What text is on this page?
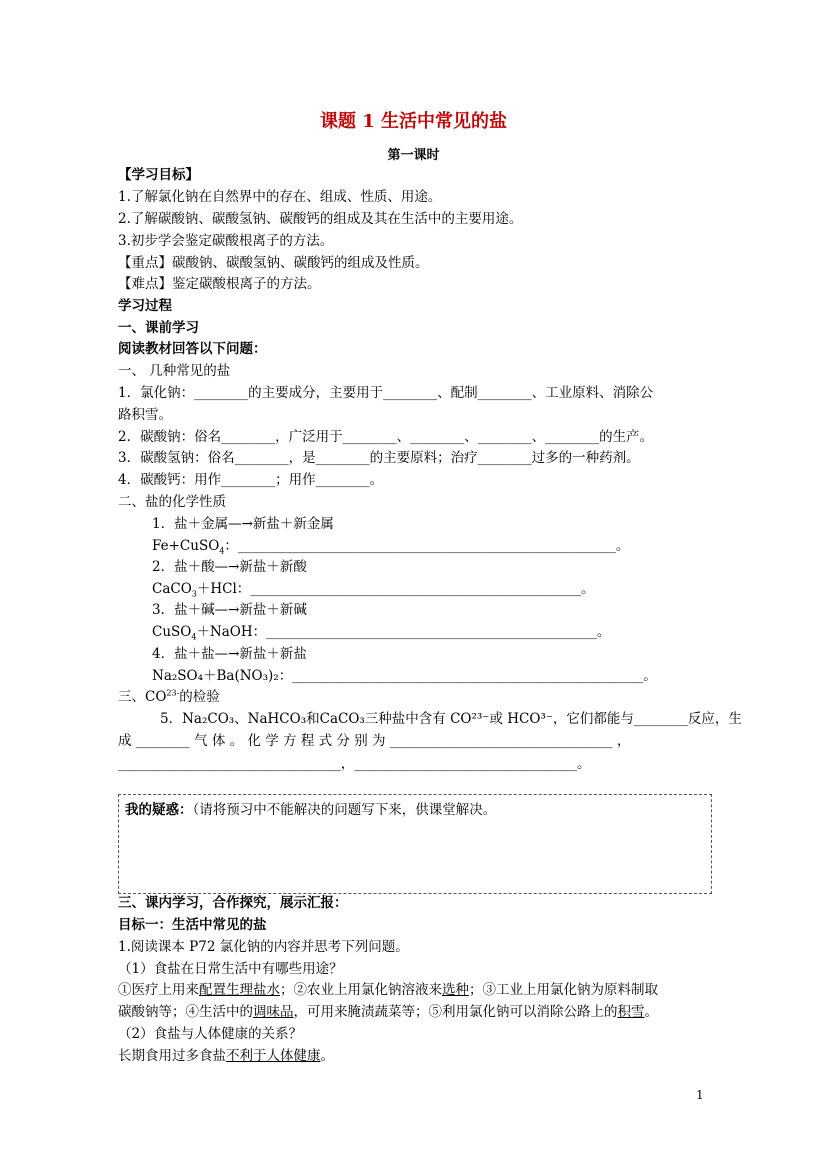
课题 1 生活中常见的盐
第一课时
【学习目标】
1.了解氯化钠在自然界中的存在、组成、性质、用途。
2.了解碳酸钠、碳酸氢钠、碳酸钙的组成及其在生活中的主要用途。
3.初步学会鉴定碳酸根离子的方法。
【重点】碳酸钠、碳酸氢钠、碳酸钙的组成及性质。
【难点】鉴定碳酸根离子的方法。
学习过程
一、课前学习
阅读教材回答以下问题：
一、 几种常见的盐
1．氯化钠：________的主要成分，主要用于________、配制________、工业原料、消除公
路积雪。
2．碳酸钠：俗名________，广泛用于________、________、________、________的生产。
3．碳酸氢钠：俗名________，是________的主要原料；治疗________过多的一种药剂。
4．碳酸钙：用作________；用作________。
二、盐的化学性质
1．盐＋金属—→新盐＋新金属
Fe+CuSO$_4$：________________________________________________________。
2．盐＋酸—→新盐＋新酸
CaCO$_3$＋HCl：_________________________________________________。
3．盐＋碱—→新盐＋新碱
CuSO$_4$＋NaOH：_________________________________________________。
4．盐＋盐—→新盐＋新盐
Na₂SO₄＋Ba(NO₃)₂：____________________________________________________。
三、$CO^{23-}$的检验
5．Na₂CO₃、NaHCO₃和CaCO₃三种盐中含有 CO²³⁻或 HCO³⁻，它们都能与________反应，生
成 ________ 气 体 。 化 学 方 程 式 分 别 为 _________________________________ ，
_________________________________，_________________________________。
我的疑惑：（请将预习中不能解决的问题写下来，供课堂解决。
三、课内学习，合作探究，展示汇报：
目标一：生活中常见的盐
1.阅读课本 P72 氯化钠的内容并思考下列问题。
（1）食盐在日常生活中有哪些用途？
①医疗上用来配置生理盐水；②农业上用氯化钠溶液来选种；③工业上用氯化钠为原料制取
碳酸钠等；④生活中的调味品，可用来腌渍蔬菜等；⑤利用氯化钠可以消除公路上的积雪。
（2）食盐与人体健康的关系？
长期食用过多食盐不利于人体健康。
1
